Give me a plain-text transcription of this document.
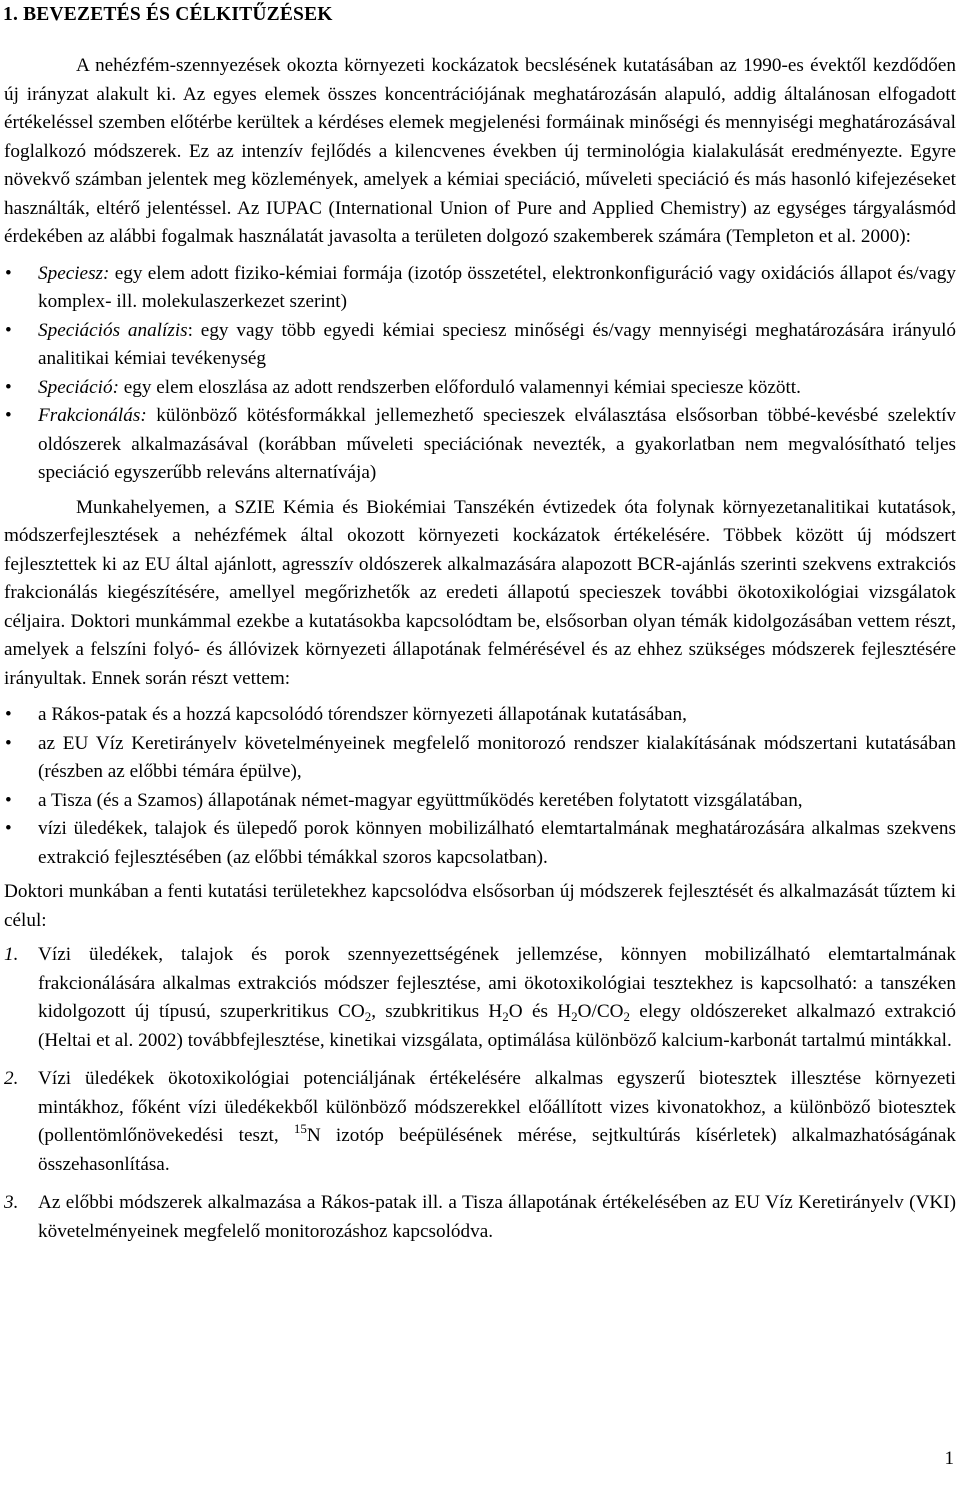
1. BEVEZETÉS ÉS CÉLKITŰZÉSEK

A nehézfém-szennyezések okozta környezeti kockázatok becslésének kutatásában az 1990-es évektől kezdődően új irányzat alakult ki. Az egyes elemek összes koncentrációjának meghatározásán alapuló, addig általánosan elfogadott értékeléssel szemben előtérbe kerültek a kérdéses elemek megjelenési formáinak minőségi és mennyiségi meghatározásával foglalkozó módszerek. Ez az intenzív fejlődés a kilencvenes években új terminológia kialakulását eredményezte. Egyre növekvő számban jelentek meg közlemények, amelyek a kémiai speciáció, műveleti speciáció és más hasonló kifejezéseket használták, eltérő jelentéssel. Az IUPAC (International Union of Pure and Applied Chemistry) az egységes tárgyalásmód érdekében az alábbi fogalmak használatát javasolta a területen dolgozó szakemberek számára (Templeton et al. 2000):

• Speciesz: egy elem adott fiziko-kémiai formája (izotóp összetétel, elektronkonfiguráció vagy oxidációs állapot és/vagy komplex- ill. molekulaszerkezet szerint)
• Speciációs analízis: egy vagy több egyedi kémiai speciesz minőségi és/vagy mennyiségi meghatározására irányuló analitikai kémiai tevékenység
• Speciáció: egy elem eloszlása az adott rendszerben előforduló valamennyi kémiai speciesze között.
• Frakcionálás: különböző kötésformákkal jellemezhető specieszek elválasztása elsősorban többé-kevésbé szelektív oldószerek alkalmazásával (korábban műveleti speciációnak nevezték, a gyakorlatban nem megvalósítható teljes speciáció egyszerűbb releváns alternatívája)

Munkahelyemen, a SZIE Kémia és Biokémiai Tanszékén évtizedek óta folynak környezetanalitikai kutatások, módszerfejlesztések a nehézfémek által okozott környezeti kockázatok értékelésére. Többek között új módszert fejlesztettek ki az EU által ajánlott, agresszív oldószerek alkalmazására alapozott BCR-ajánlás szerinti szekvens extrakciós frakcionálás kiegészítésére, amellyel megőrizhetők az eredeti állapotú specieszek további ökotoxikológiai vizsgálatok céljaira. Doktori munkámmal ezekbe a kutatásokba kapcsolódtam be, elsősorban olyan témák kidolgozásában vettem részt, amelyek a felszíni folyó- és állóvizek környezeti állapotának felmérésével és az ehhez szükséges módszerek fejlesztésére irányultak. Ennek során részt vettem:

• a Rákos-patak és a hozzá kapcsolódó tórendszer környezeti állapotának kutatásában,
• az EU Víz Keretirányelv követelményeinek megfelelő monitorozó rendszer kialakításának módszertani kutatásában (részben az előbbi témára épülve),
• a Tisza (és a Szamos) állapotának német-magyar együttműködés keretében folytatott vizsgálatában,
• vízi üledékek, talajok és ülepedő porok könnyen mobilizálható elemtartalmának meghatározására alkalmas szekvens extrakció fejlesztésében (az előbbi témákkal szoros kapcsolatban).

Doktori munkában a fenti kutatási területekhez kapcsolódva elsősorban új módszerek fejlesztését és alkalmazását tűztem ki célul:

1. Vízi üledékek, talajok és porok szennyezettségének jellemzése, könnyen mobilizálható elemtartalmának frakcionálására alkalmas extrakciós módszer fejlesztése, ami ökotoxikológiai tesztekhez is kapcsolható: a tanszéken kidolgozott új típusú, szuperkritikus $CO_2$, szubkritikus $H_2O$ és $H_2O/CO_2$ elegy oldószereket alkalmazó extrakció (Heltai et al. 2002) továbbfejlesztése, kinetikai vizsgálata, optimálása különböző kalcium-karbonát tartalmú mintákkal.
2. Vízi üledékek ökotoxikológiai potenciáljának értékelésére alkalmas egyszerű biotesztek illesztése környezeti mintákhoz, főként vízi üledékekből különböző módszerekkel előállított vizes kivonatokhoz, a különböző biotesztek (pollentömlőnövekedési teszt, $^{15}$N izotóp beépülésének mérése, sejtkultúrás kísérletek) alkalmazhatóságának összehasonlítása.
3. Az előbbi módszerek alkalmazása a Rákos-patak ill. a Tisza állapotának értékelésében az EU Víz Keretirányelv (VKI) követelményeinek megfelelő monitorozáshoz kapcsolódva.
1
